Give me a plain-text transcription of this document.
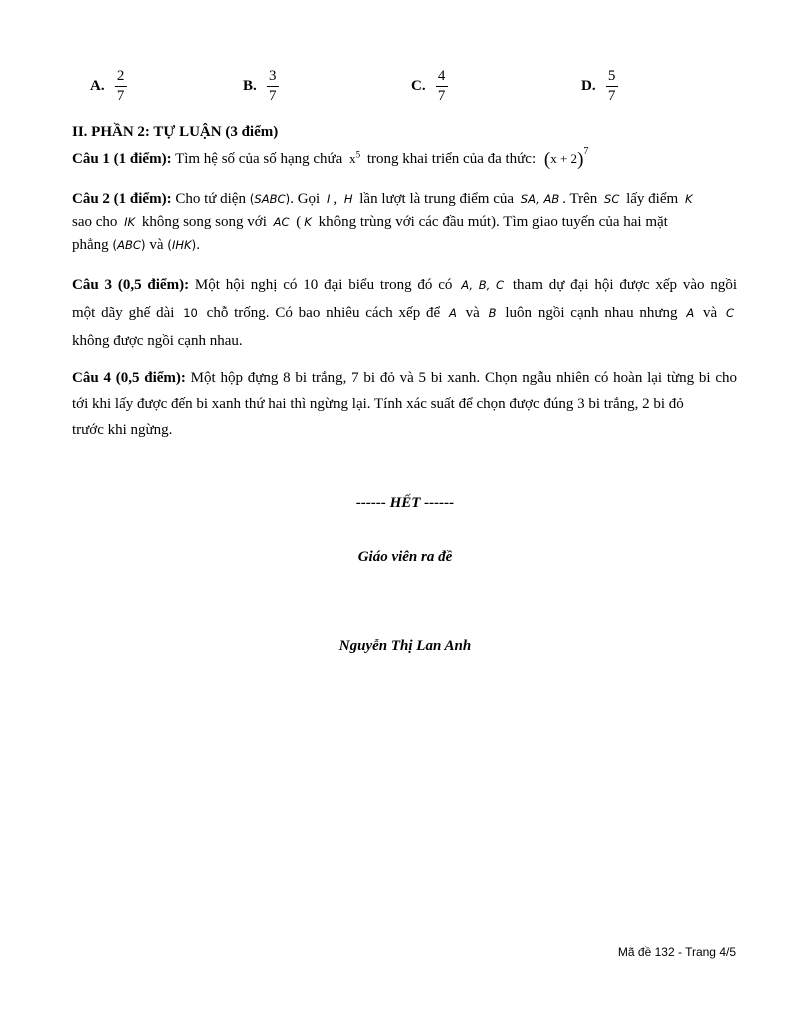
A. $\frac{2}{7}$	B. $\frac{3}{7}$	C. $\frac{4}{7}$	D. $\frac{5}{7}$
II. PHẦN 2: TỰ LUẬN (3 điểm)
Câu 1 (1 điểm): Tìm hệ số của số hạng chứa $x^5$ trong khai triển của đa thức: $(x + 2)^7$
Câu 2 (1 điểm): Cho tứ diện (SABC). Gọi I , H lần lượt là trung điểm của SA, AB . Trên SC lấy điểm K
sao cho IK không song song với AC ( K không trùng với các đầu mút). Tìm giao tuyến của hai mặt
phẳng (ABC) và (IHK).
Câu 3 (0,5 điểm): Một hội nghị có 10 đại biểu trong đó có A, B, C tham dự đại hội được xếp vào ngồi
một dãy ghế dài 10 chỗ trống. Có bao nhiêu cách xếp để A và B luôn ngồi cạnh nhau nhưng A và C
không được ngồi cạnh nhau.
Câu 4 (0,5 điểm): Một hộp đựng 8 bi trắng, 7 bi đỏ và 5 bi xanh. Chọn ngẫu nhiên có hoàn lại từng bi cho
tới khi lấy được đến bi xanh thứ hai thì ngừng lại. Tính xác suất để chọn được đúng 3 bi trắng, 2 bi đỏ
trước khi ngừng.
------ HẾT ------
Giáo viên ra đề
Nguyễn Thị Lan Anh
Mã đề 132 - Trang 4/5
